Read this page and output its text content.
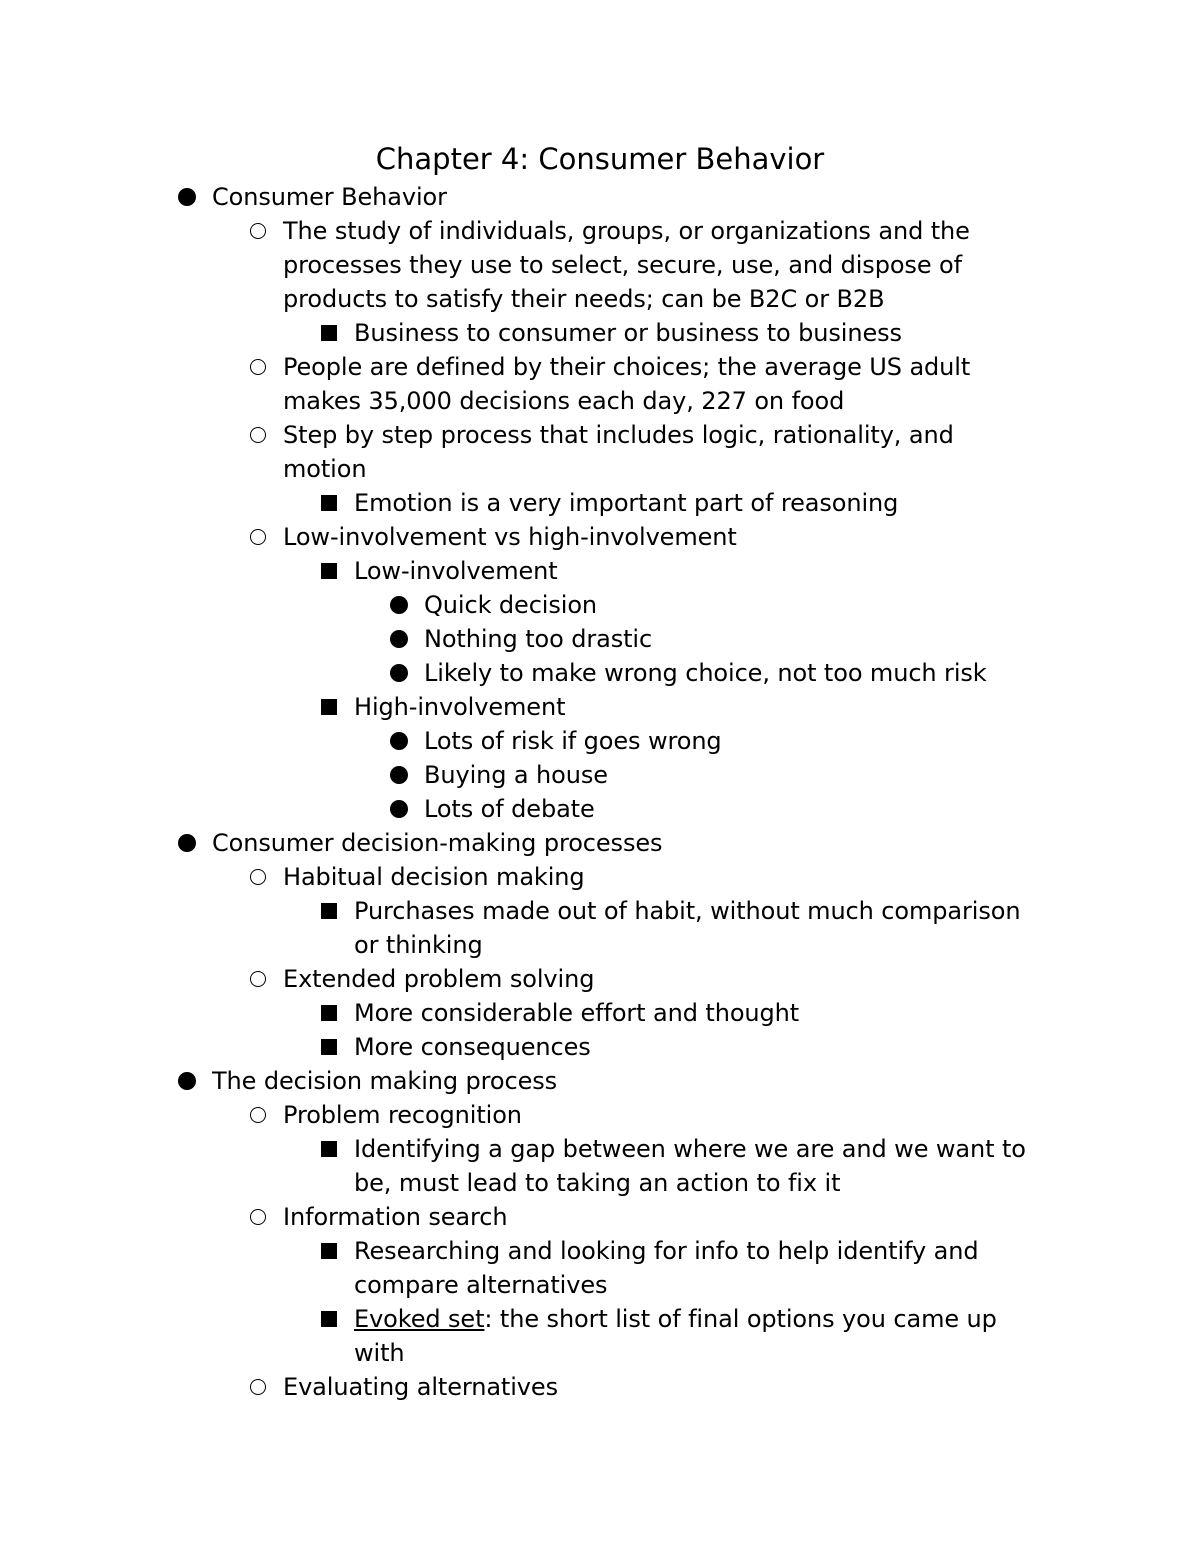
Chapter 4: Consumer Behavior
Consumer Behavior
The study of individuals, groups, or organizations and the processes they use to select, secure, use, and dispose of products to satisfy their needs; can be B2C or B2B
Business to consumer or business to business
People are defined by their choices; the average US adult makes 35,000 decisions each day, 227 on food
Step by step process that includes logic, rationality, and motion
Emotion is a very important part of reasoning
Low-involvement vs high-involvement
Low-involvement
Quick decision
Nothing too drastic
Likely to make wrong choice, not too much risk
High-involvement
Lots of risk if goes wrong
Buying a house
Lots of debate
Consumer decision-making processes
Habitual decision making
Purchases made out of habit, without much comparison or thinking
Extended problem solving
More considerable effort and thought
More consequences
The decision making process
Problem recognition
Identifying a gap between where we are and we want to be, must lead to taking an action to fix it
Information search
Researching and looking for info to help identify and compare alternatives
Evoked set: the short list of final options you came up with
Evaluating alternatives
